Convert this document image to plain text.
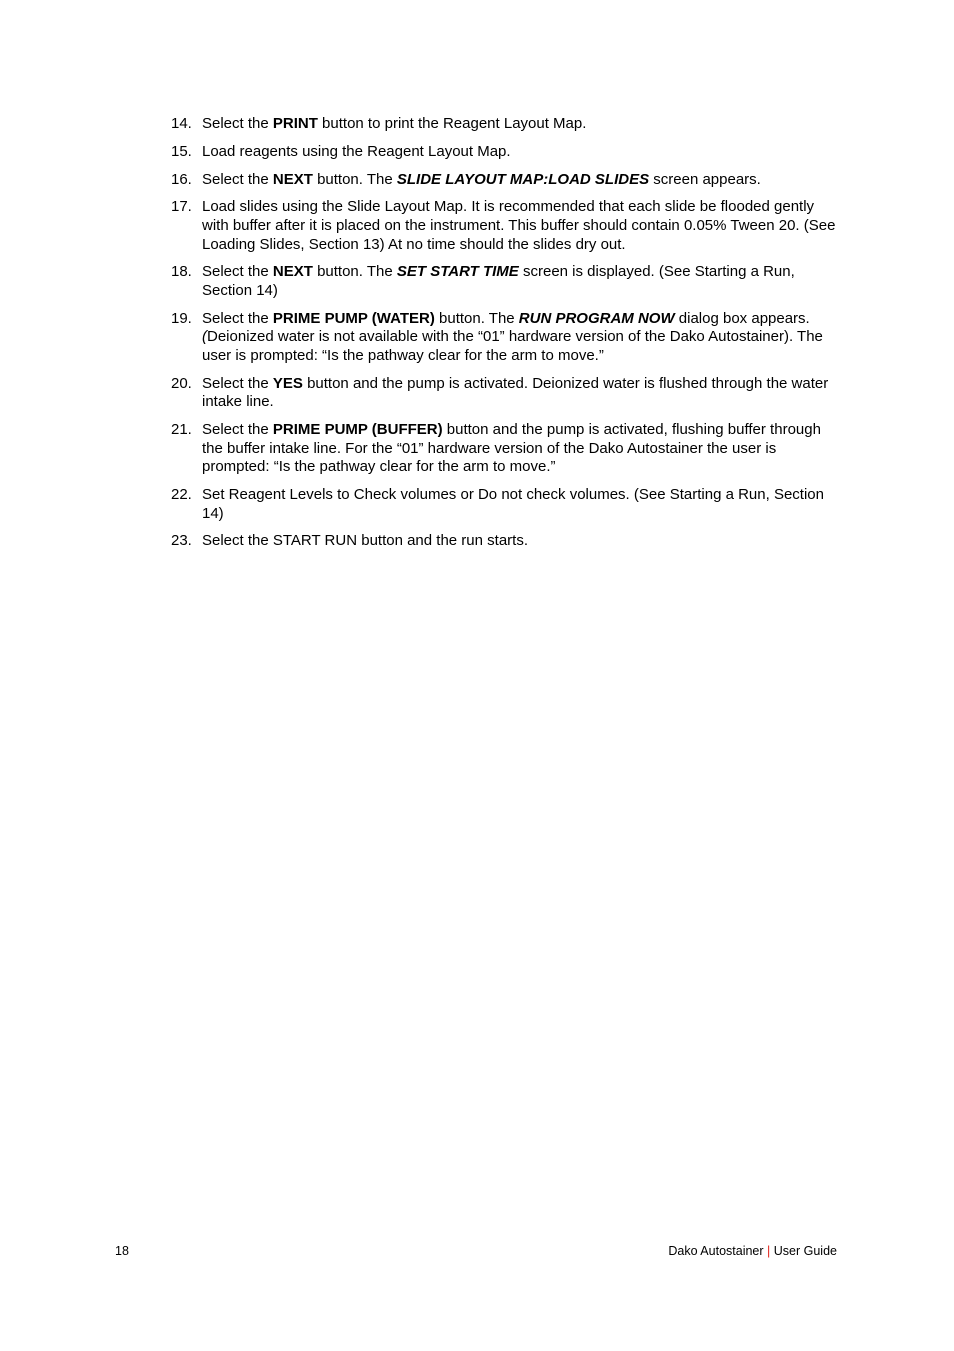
14. Select the PRINT button to print the Reagent Layout Map.
15. Load reagents using the Reagent Layout Map.
16. Select the NEXT button. The SLIDE LAYOUT MAP:LOAD SLIDES screen appears.
17. Load slides using the Slide Layout Map. It is recommended that each slide be flooded gently with buffer after it is placed on the instrument. This buffer should contain 0.05% Tween 20. (See Loading Slides, Section 13) At no time should the slides dry out.
18. Select the NEXT button. The SET START TIME screen is displayed. (See Starting a Run, Section 14)
19. Select the PRIME PUMP (WATER) button. The RUN PROGRAM NOW dialog box appears. (Deionized water is not available with the “01” hardware version of the Dako Autostainer). The user is prompted: “Is the pathway clear for the arm to move.”
20. Select the YES button and the pump is activated. Deionized water is flushed through the water intake line.
21. Select the PRIME PUMP (BUFFER) button and the pump is activated, flushing buffer through the buffer intake line. For the “01” hardware version of the Dako Autostainer the user is prompted: “Is the pathway clear for the arm to move.”
22. Set Reagent Levels to Check volumes or Do not check volumes. (See Starting a Run, Section 14)
23. Select the START RUN button and the run starts.
18	Dako Autostainer | User Guide
